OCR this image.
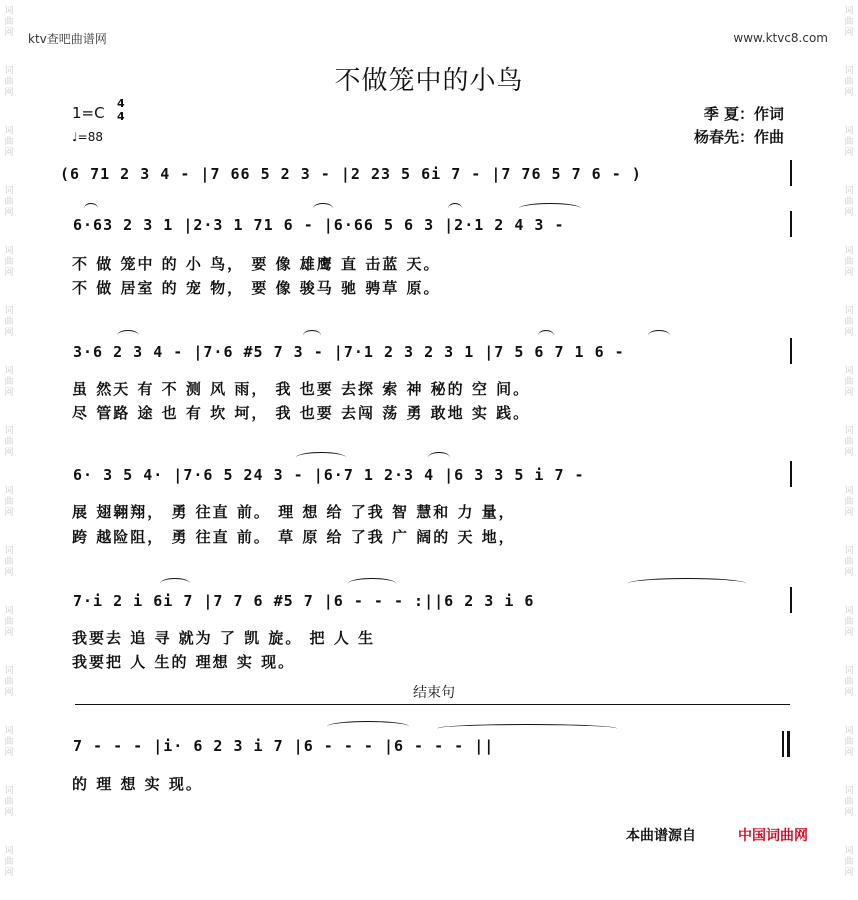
词
曲
网
词
曲
网
词
曲
网
词
曲
网
词
曲
网
词
曲
网
词
曲
网
词
曲
网
词
曲
网
词
曲
网
词
曲
网
词
曲
网
词
曲
网
词
曲
网
词
曲
网
词
曲
网
词
曲
网
词
曲
网
词
曲
网
词
曲
网
词
曲
网
词
曲
网
词
曲
网
词
曲
网
词
曲
网
词
曲
网
词
曲
网
词
曲
网
词
曲
网
词
曲
网
ktv查吧曲谱网	www.ktvc8.com
不做笼中的小鸟
1=C
4
4
♩=88
季 夏：作词
杨春先：作曲
(6 71 2 3 4 - |7 66 5 2 3 - |2 23 5 6i 7 - |7 76 5 7 6 - )
6·63 2 3 1 |2·3 1 71 6 - |6·66 5 6 3 |2·1 2 4 3 -
不 做 笼中 的 小 鸟， 要 像 雄鹰 直 击蓝 天。
不 做 居室 的 宠 物， 要 像 骏马 驰 骋草 原。
3·6 2 3 4 - |7·6 #5 7 3 - |7·1 2 3 2 3 1 |7 5 6 7 1 6 -
虽 然天 有 不 测 风 雨， 我 也要 去探 索 神 秘的 空 间。
尽 管路 途 也 有 坎 坷， 我 也要 去闯 荡 勇 敢地 实 践。
6· 3 5 4· |7·6 5 24 3 - |6·7 1 2·3 4 |6 3 3 5 i 7 -
展 翅翱翔， 勇 往直 前。 理 想 给 了我 智 慧和 力 量，
跨 越险阻， 勇 往直 前。 草 原 给 了我 广 阔的 天 地，
7·i 2 i 6i 7 |7 7 6 #5 7 |6 - - - :||6 2 3 i 6
我要去 追 寻 就为 了 凯 旋。 把 人 生
我要把 人 生的 理想 实 现。
结束句
7 - - - |i· 6 2 3 i 7 |6 - - - |6 - - - ||
的 理 想 实 现。
本曲谱源自	中国词曲网
